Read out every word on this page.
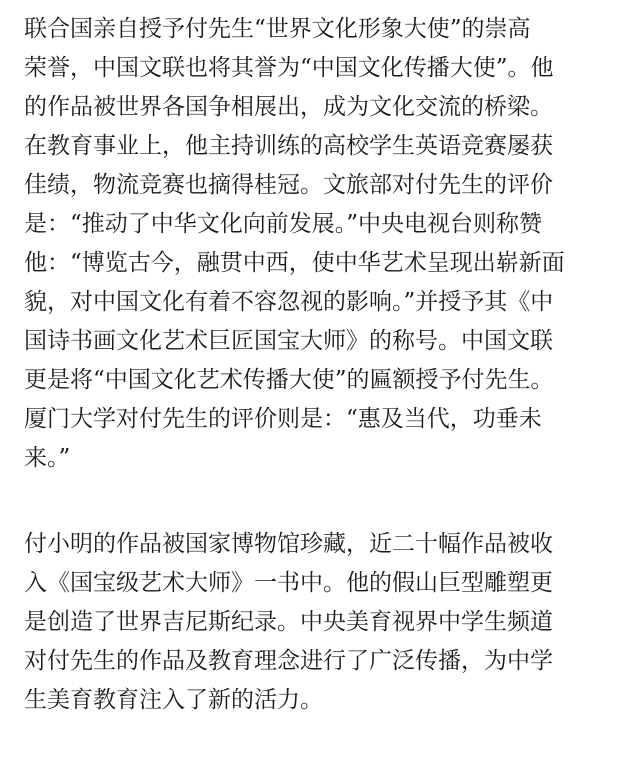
联合国亲自授予付先生“世界文化形象大使”的崇高
荣誉，中国文联也将其誉为“中国文化传播大使”。他
的作品被世界各国争相展出，成为文化交流的桥梁。
在教育事业上，他主持训练的高校学生英语竞赛屡获
佳绩，物流竞赛也摘得桂冠。文旅部对付先生的评价
是：“推动了中华文化向前发展。”中央电视台则称赞
他：“博览古今，融贯中西，使中华艺术呈现出崭新面
貌，对中国文化有着不容忽视的影响。”并授予其《中
国诗书画文化艺术巨匠国宝大师》的称号。中国文联
更是将“中国文化艺术传播大使”的匾额授予付先生。
厦门大学对付先生的评价则是：“惠及当代，功垂未
来。”
付小明的作品被国家博物馆珍藏，近二十幅作品被收
入《国宝级艺术大师》一书中。他的假山巨型雕塑更
是创造了世界吉尼斯纪录。中央美育视界中学生频道
对付先生的作品及教育理念进行了广泛传播，为中学
生美育教育注入了新的活力。
